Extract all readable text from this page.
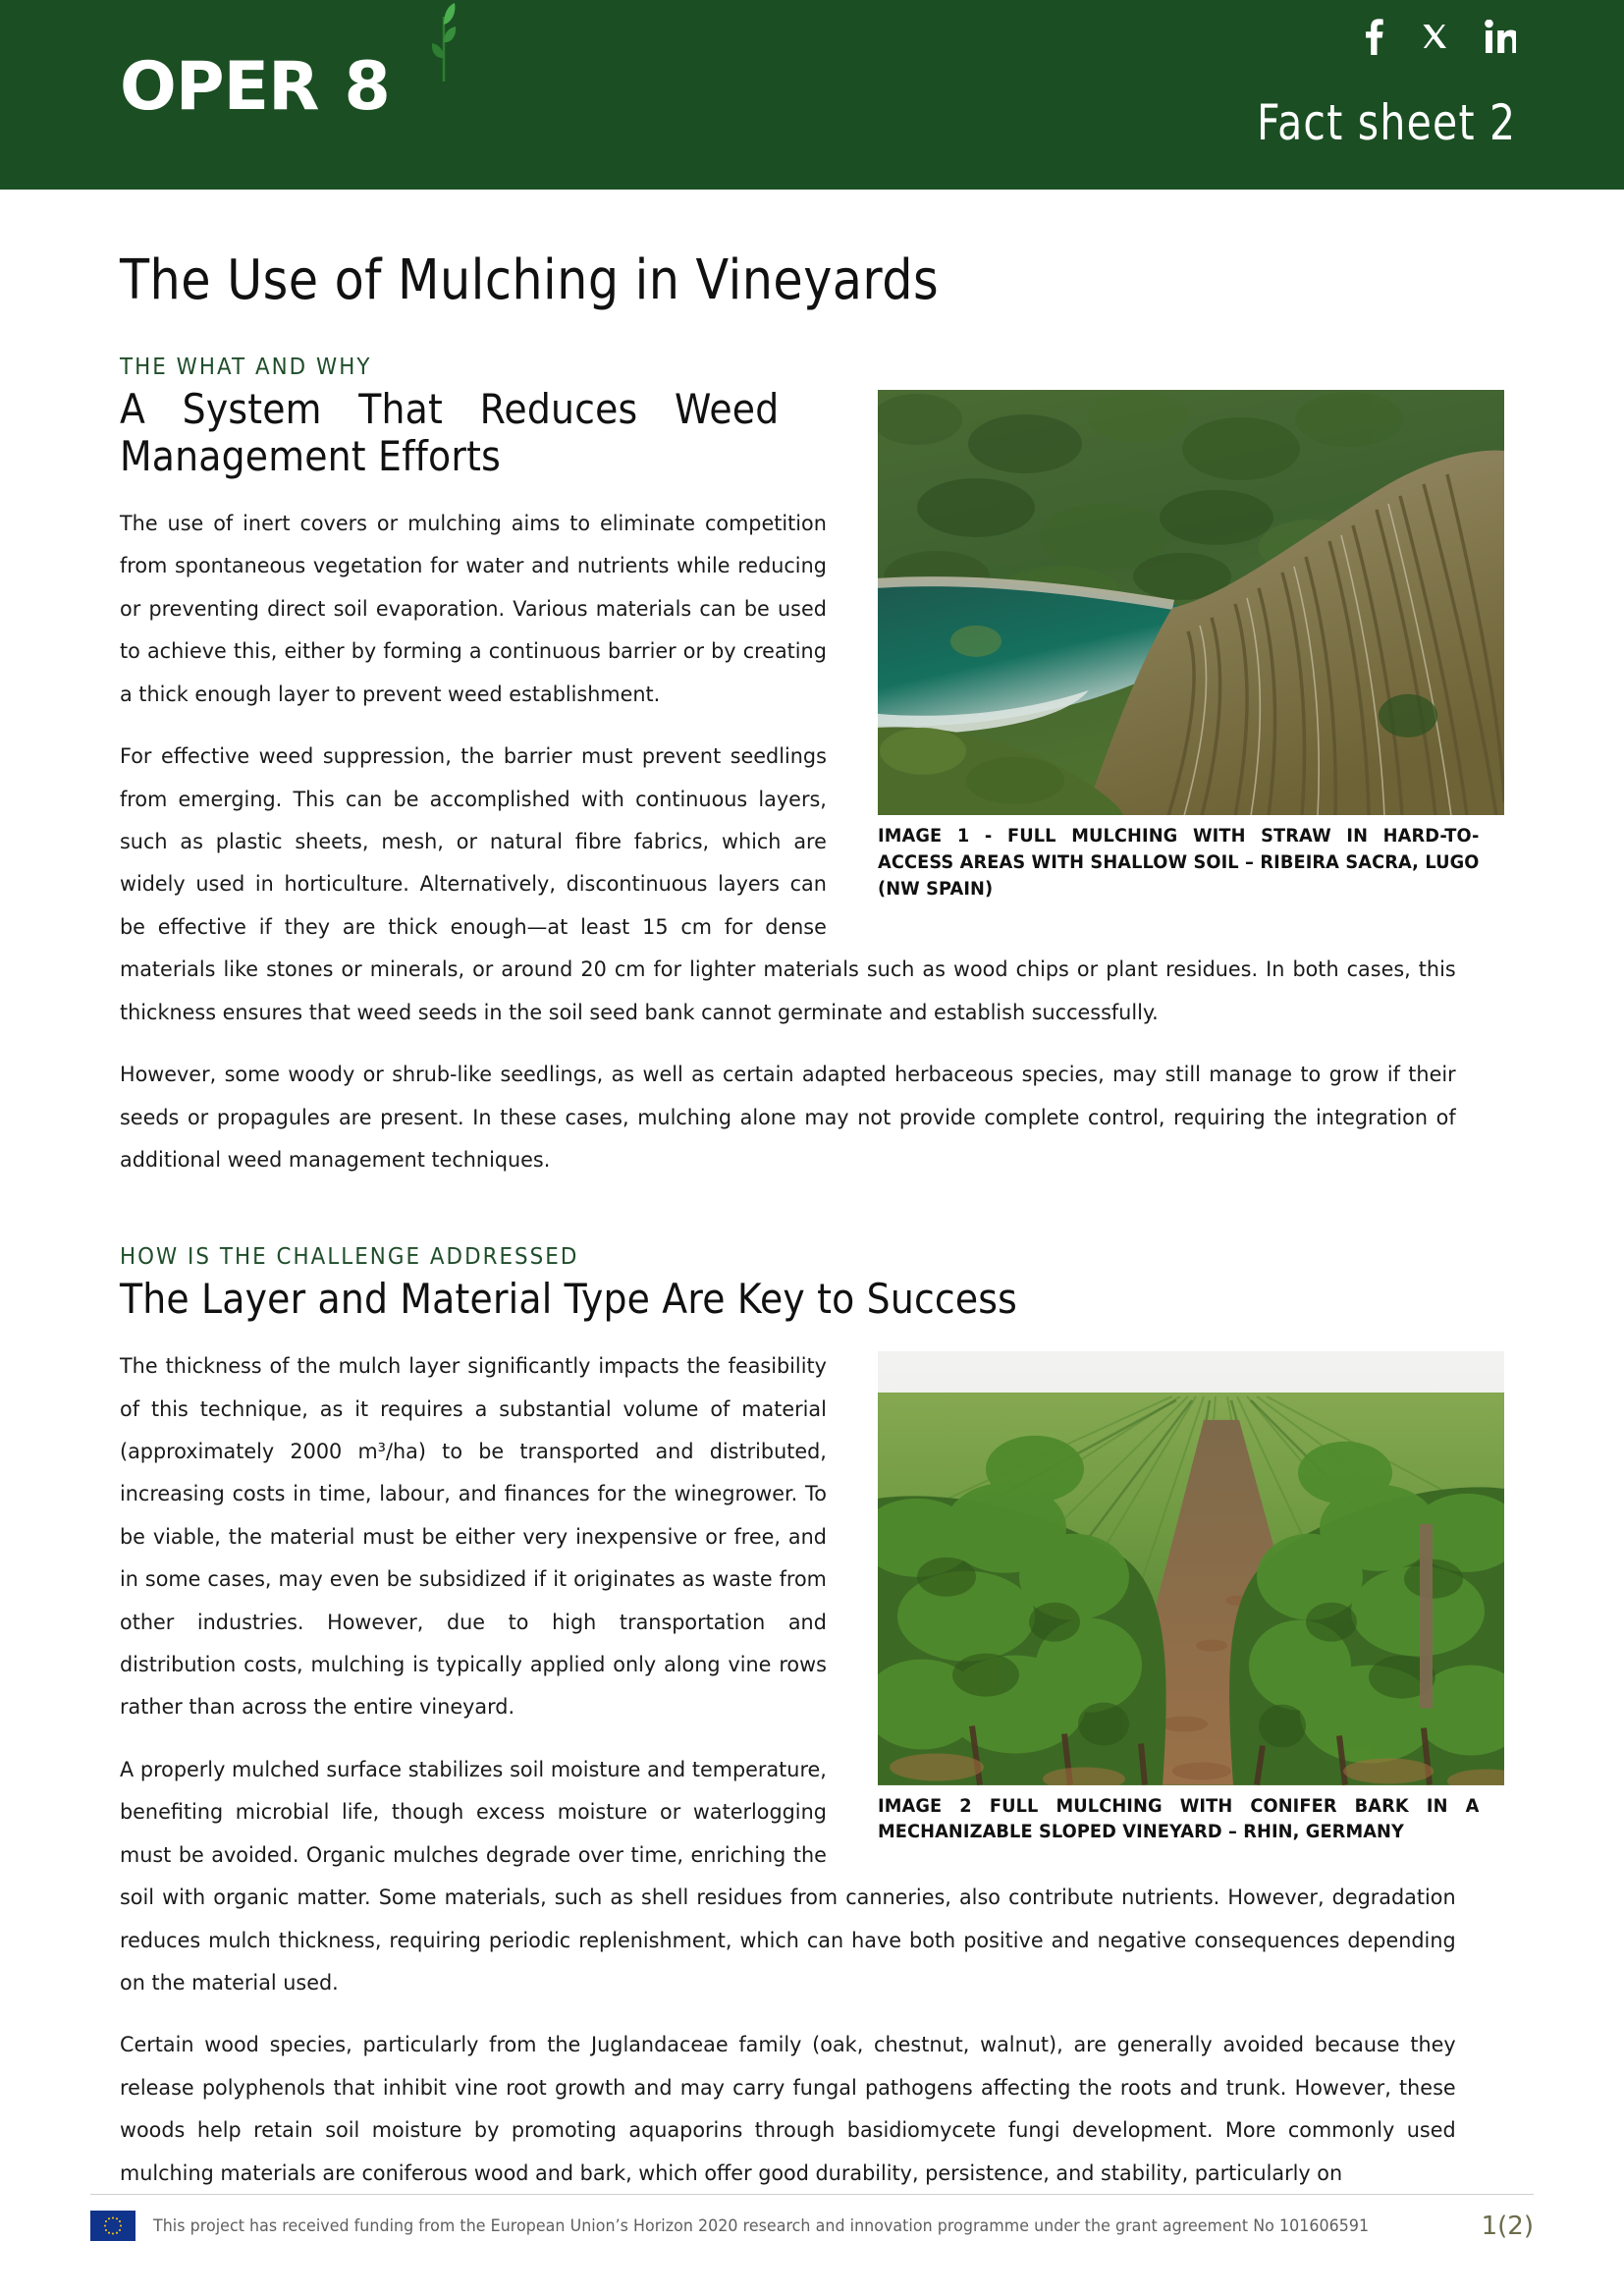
OPER 8	Fact sheet 2
The Use of Mulching in Vineyards
THE WHAT AND WHY
IMAGE 1 - FULL MULCHING WITH STRAW IN HARD-TO-ACCESS AREAS WITH SHALLOW SOIL – RIBEIRA SACRA, LUGO (NW SPAIN)
A System That Reduces Weed Management Efforts

The use of inert covers or mulching aims to eliminate competition from spontaneous vegetation for water and nutrients while reducing or preventing direct soil evaporation. Various materials can be used to achieve this, either by forming a continuous barrier or by creating a thick enough layer to prevent weed establishment.

For effective weed suppression, the barrier must prevent seedlings from emerging. This can be accomplished with continuous layers, such as plastic sheets, mesh, or natural fibre fabrics, which are widely used in horticulture. Alternatively, discontinuous layers can be effective if they are thick enough—at least 15 cm for dense materials like stones or minerals, or around 20 cm for lighter materials such as wood chips or plant residues. In both cases, this thickness ensures that weed seeds in the soil seed bank cannot germinate and establish successfully.

However, some woody or shrub-like seedlings, as well as certain adapted herbaceous species, may still manage to grow if their seeds or propagules are present. In these cases, mulching alone may not provide complete control, requiring the integration of additional weed management techniques.

HOW IS THE CHALLENGE ADDRESSED
The Layer and Material Type Are Key to Success
IMAGE 2 FULL MULCHING WITH CONIFER BARK IN A MECHANIZABLE SLOPED VINEYARD – RHIN, GERMANY

The thickness of the mulch layer significantly impacts the feasibility of this technique, as it requires a substantial volume of material (approximately 2000 m³/ha) to be transported and distributed, increasing costs in time, labour, and finances for the winegrower. To be viable, the material must be either very inexpensive or free, and in some cases, may even be subsidized if it originates as waste from other industries. However, due to high transportation and distribution costs, mulching is typically applied only along vine rows rather than across the entire vineyard.

A properly mulched surface stabilizes soil moisture and temperature, benefiting microbial life, though excess moisture or waterlogging must be avoided. Organic mulches degrade over time, enriching the soil with organic matter. Some materials, such as shell residues from canneries, also contribute nutrients. However, degradation reduces mulch thickness, requiring periodic replenishment, which can have both positive and negative consequences depending on the material used.

Certain wood species, particularly from the Juglandaceae family (oak, chestnut, walnut), are generally avoided because they release polyphenols that inhibit vine root growth and may carry fungal pathogens affecting the roots and trunk. However, these woods help retain soil moisture by promoting aquaporins through basidiomycete fungi development. More commonly used mulching materials are coniferous wood and bark, which offer good durability, persistence, and stability, particularly on

This project has received funding from the European Union’s Horizon 2020 research and innovation programme under the grant agreement No 101606591	1(2)
